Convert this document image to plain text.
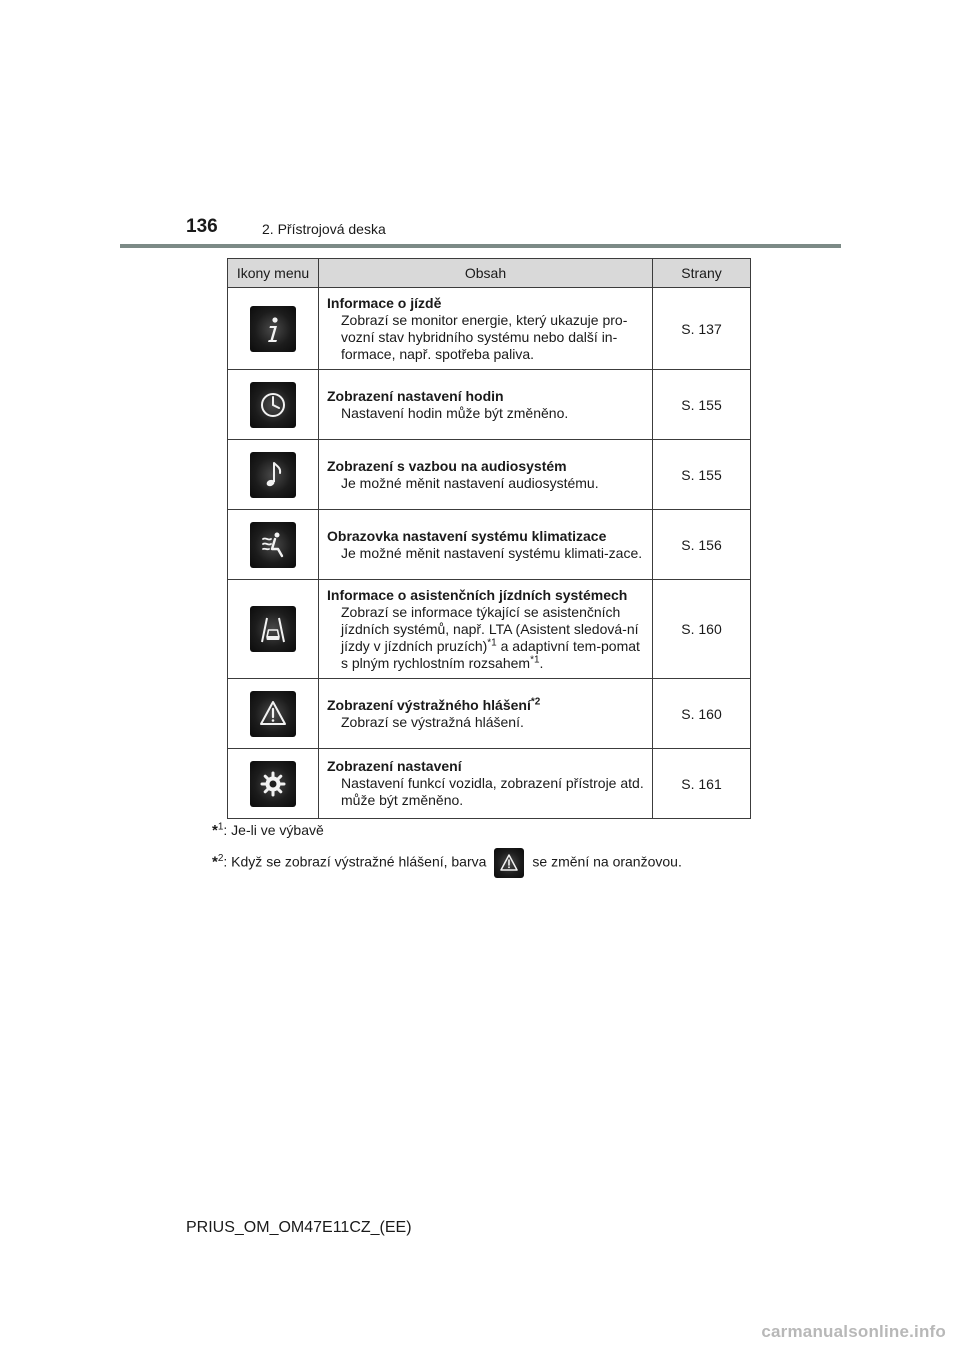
136	2. Přístrojová deska
Ikony menu	Obsah	Strany

Informace o jízdě
Zobrazí se monitor energie, který ukazuje pro-vozní stav hybridního systému nebo další in-formace, např. spotřeba paliva.	S. 137

Zobrazení nastavení hodin
Nastavení hodin může být změněno.	S. 155

Zobrazení s vazbou na audiosystém
Je možné měnit nastavení audiosystému.	S. 155

Obrazovka nastavení systému klimatizace
Je možné měnit nastavení systému klimati-zace.	S. 156

Informace o asistenčních jízdních systémech
Zobrazí se informace týkající se asistenčních jízdních systémů, např. LTA (Asistent sledová-ní jízdy v jízdních pruzích)$^{*1}$ a adaptivní tem-pomat s plným rychlostním rozsahem$^{*1}$.	S. 160

Zobrazení výstražného hlášení$^{*2}$
Zobrazí se výstražná hlášení.	S. 160

Zobrazení nastavení
Nastavení funkcí vozidla, zobrazení přístroje atd. může být změněno.	S. 161
*$^1$: Je-li ve výbavě
*$^2$: Když se zobrazí výstražné hlášení, barva	se změní na oranžovou.
PRIUS_OM_OM47E11CZ_(EE)
carmanualsonline.info
